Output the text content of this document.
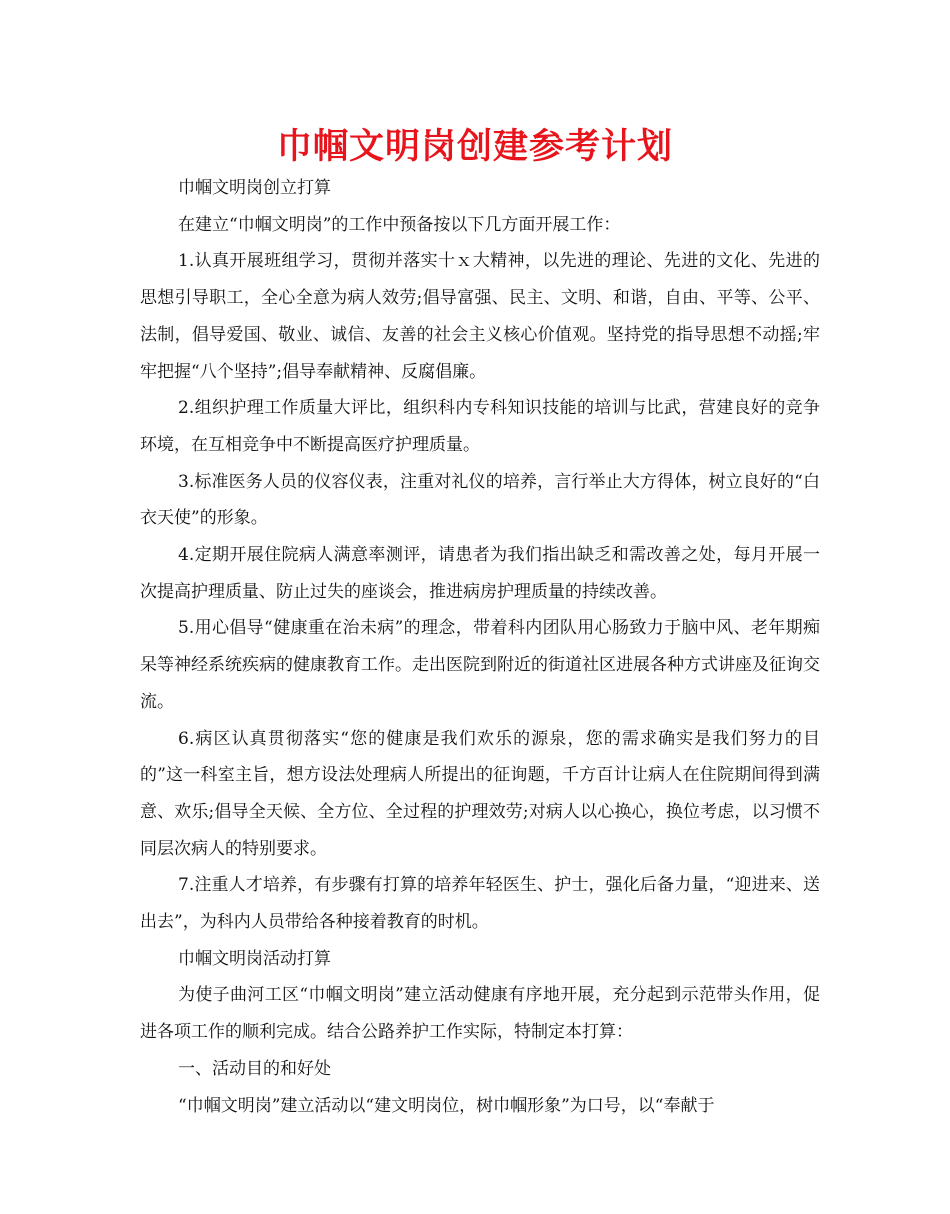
巾帼文明岗创建参考计划

巾帼文明岗创立打算

在建立“巾帼文明岗”的工作中预备按以下几方面开展工作：

1.认真开展班组学习，贯彻并落实十ｘ大精神，以先进的理论、先进的文化、先进的思想引导职工，全心全意为病人效劳;倡导富强、民主、文明、和谐，自由、平等、公平、法制，倡导爱国、敬业、诚信、友善的社会主义核心价值观。坚持党的指导思想不动摇;牢牢把握“八个坚持”;倡导奉献精神、反腐倡廉。

2.组织护理工作质量大评比，组织科内专科知识技能的培训与比武，营建良好的竞争环境，在互相竞争中不断提高医疗护理质量。

3.标准医务人员的仪容仪表，注重对礼仪的培养，言行举止大方得体，树立良好的“白衣天使”的形象。

4.定期开展住院病人满意率测评，请患者为我们指出缺乏和需改善之处，每月开展一次提高护理质量、防止过失的座谈会，推进病房护理质量的持续改善。

5.用心倡导“健康重在治未病”的理念，带着科内团队用心肠致力于脑中风、老年期痴呆等神经系统疾病的健康教育工作。走出医院到附近的街道社区进展各种方式讲座及征询交流。

6.病区认真贯彻落实“您的健康是我们欢乐的源泉，您的需求确实是我们努力的目的”这一科室主旨，想方设法处理病人所提出的征询题，千方百计让病人在住院期间得到满意、欢乐;倡导全天候、全方位、全过程的护理效劳;对病人以心换心，换位考虑，以习惯不同层次病人的特别要求。

7.注重人才培养，有步骤有打算的培养年轻医生、护士，强化后备力量，“迎进来、送出去”，为科内人员带给各种接着教育的时机。

巾帼文明岗活动打算

为使子曲河工区“巾帼文明岗”建立活动健康有序地开展，充分起到示范带头作用，促进各项工作的顺利完成。结合公路养护工作实际，特制定本打算：

一、活动目的和好处

“巾帼文明岗”建立活动以“建文明岗位，树巾帼形象”为口号，以“奉献于
